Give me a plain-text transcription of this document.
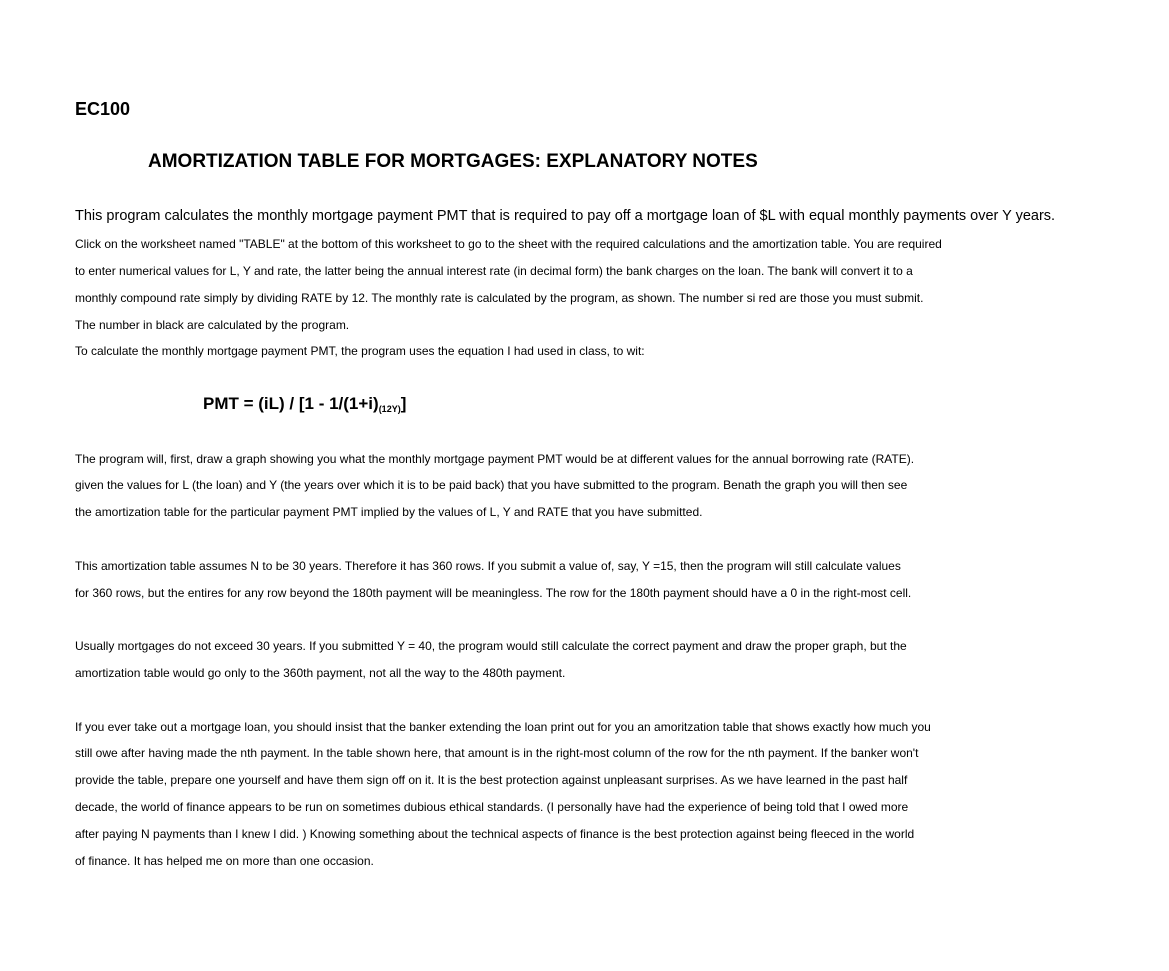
EC100
AMORTIZATION TABLE FOR MORTGAGES: EXPLANATORY NOTES
This program calculates the monthly mortgage payment PMT that is required to pay off a mortgage loan of $L with equal monthly payments over Y years.
Click on the worksheet named "TABLE" at the bottom of this worksheet to go to the sheet with the required calculations and the amortization table. You are required
to enter numerical values for L, Y and rate, the latter being the annual interest rate (in decimal form) the bank charges on the loan. The bank will convert it to a
monthly compound rate simply by dividing RATE by 12. The monthly rate is calculated by the program, as shown. The number si red are those you must submit.
The number in black are calculated by the program.
To calculate the monthly mortgage payment PMT, the program uses the equation I had used in class, to wit:
PMT = $(iL) / [1 - 1/(1+i)_{(12Y)}]$
The program will, first, draw a graph showing you what the monthly mortgage payment PMT would be at different values for the annual borrowing rate (RATE).
given the values for L (the loan) and Y (the years over which it is to be paid back) that you have submitted to the program. Benath the graph you will then see
the amortization table for the particular payment PMT implied by the values of L, Y and RATE that you have submitted.
This amortization table assumes N to be 30 years. Therefore it has 360 rows. If you submit a value of, say, Y =15, then the program will still calculate values
for 360 rows, but the entires for any row beyond the 180th payment will be meaningless. The row for the 180th payment should have a 0 in the right-most cell.
Usually mortgages do not exceed 30 years. If you submitted Y = 40, the program would still calculate the correct payment and draw the proper graph, but the
amortization table would go only to the 360th payment, not all the way to the 480th payment.
If you ever take out a mortgage loan, you should insist that the banker extending the loan print out for you an amoritzation table that shows exactly how much you
still owe after having made the nth payment. In the table shown here, that amount is in the right-most column of the row for the nth payment. If the banker won't
provide the table, prepare one yourself and have them sign off on it. It is the best protection against unpleasant surprises. As we have learned in the past half
decade, the world of finance appears to be run on sometimes dubious ethical standards. (I personally have had the experience of being told that I owed more
after paying N payments than I knew I did. ) Knowing something about the technical aspects of finance is the best protection against being fleeced in the world
of finance. It has helped me on more than one occasion.
